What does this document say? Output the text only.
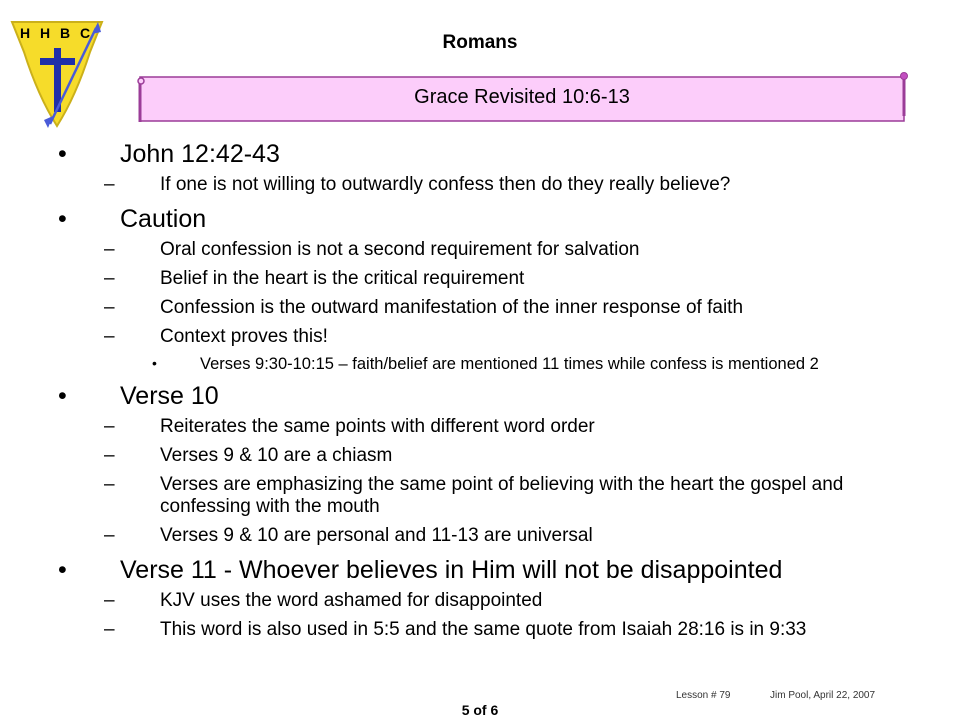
H H B C	Romans
Grace Revisited 10:6-13
• John 12:42-43
– If one is not willing to outwardly confess then do they really believe?
• Caution
– Oral confession is not a second requirement for salvation
– Belief in the heart is the critical requirement
– Confession is the outward manifestation of the inner response of faith
– Context proves this!
•	Verses 9:30-10:15 – faith/belief are mentioned 11 times while confess is mentioned 2
• Verse 10
– Reiterates the same points with different word order
– Verses 9 & 10 are a chiasm
– Verses are emphasizing the same point of believing with the heart the gospel and confessing with the mouth
– Verses 9 & 10 are personal and 11-13 are universal
• Verse 11 - Whoever believes in Him will not be disappointed
– KJV uses the word ashamed for disappointed
– This word is also used in 5:5 and the same quote from Isaiah 28:16 is in 9:33
Lesson # 79	Jim Pool, April 22, 2007
5 of 6
